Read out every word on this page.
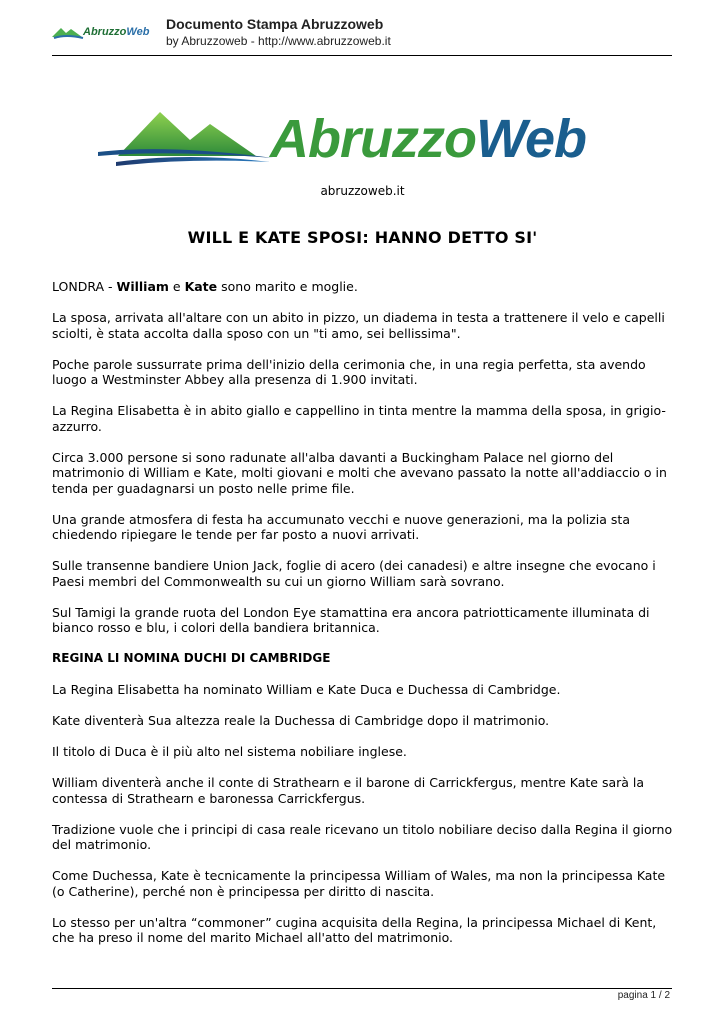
AbruzzoWeb Documento Stampa Abruzzoweb
by Abruzzoweb - http://www.abruzzoweb.it
AbruzzoWeb
abruzzoweb.it
WILL E KATE SPOSI: HANNO DETTO SI'

LONDRA - William e Kate sono marito e moglie.

La sposa, arrivata all'altare con un abito in pizzo, un diadema in testa a trattenere il velo e capelli sciolti, è stata accolta dalla sposo con un "ti amo, sei bellissima".

Poche parole sussurrate prima dell'inizio della cerimonia che, in una regia perfetta, sta avendo luogo a Westminster Abbey alla presenza di 1.900 invitati.

La Regina Elisabetta è in abito giallo e cappellino in tinta mentre la mamma della sposa, in grigio-azzurro.

Circa 3.000 persone si sono radunate all'alba davanti a Buckingham Palace nel giorno del matrimonio di William e Kate, molti giovani e molti che avevano passato la notte all'addiaccio o in tenda per guadagnarsi un posto nelle prime file.

Una grande atmosfera di festa ha accumunato vecchi e nuove generazioni, ma la polizia sta chiedendo ripiegare le tende per far posto a nuovi arrivati.

Sulle transenne bandiere Union Jack, foglie di acero (dei canadesi) e altre insegne che evocano i Paesi membri del Commonwealth su cui un giorno William sarà sovrano.

Sul Tamigi la grande ruota del London Eye stamattina era ancora patriotticamente illuminata di bianco rosso e blu, i colori della bandiera britannica.

REGINA LI NOMINA DUCHI DI CAMBRIDGE

La Regina Elisabetta ha nominato William e Kate Duca e Duchessa di Cambridge.

Kate diventerà Sua altezza reale la Duchessa di Cambridge dopo il matrimonio.

Il titolo di Duca è il più alto nel sistema nobiliare inglese.

William diventerà anche il conte di Strathearn e il barone di Carrickfergus, mentre Kate sarà la contessa di Strathearn e baronessa Carrickfergus.

Tradizione vuole che i principi di casa reale ricevano un titolo nobiliare deciso dalla Regina il giorno del matrimonio.

Come Duchessa, Kate è tecnicamente la principessa William of Wales, ma non la principessa Kate (o Catherine), perché non è principessa per diritto di nascita.

Lo stesso per un'altra “commoner” cugina acquisita della Regina, la principessa Michael di Kent, che ha preso il nome del marito Michael all'atto del matrimonio.

pagina 1 / 2
